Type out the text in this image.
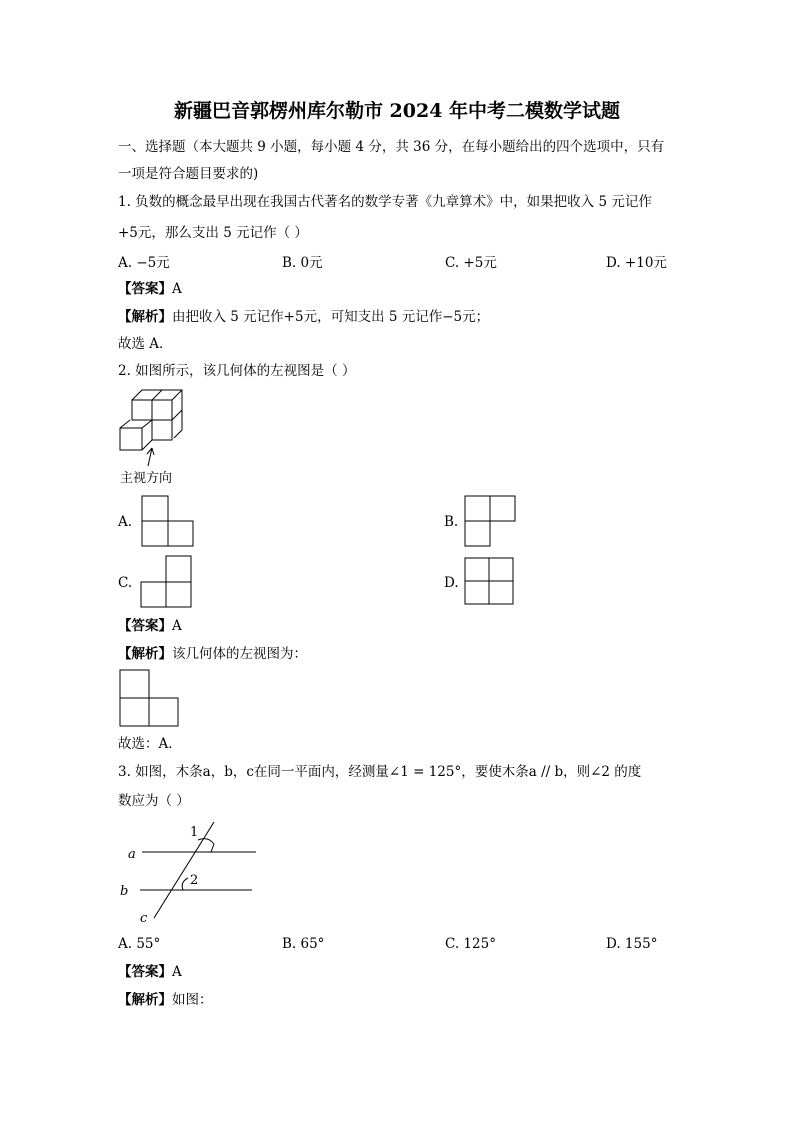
新疆巴音郭楞州库尔勒市 2024 年中考二模数学试题
一、选择题（本大题共 9 小题，每小题 4 分，共 36 分，在每小题给出的四个选项中，只有
一项是符合题目要求的)
1. 负数的概念最早出现在我国古代著名的数学专著《九章算术》中，如果把收入 5 元记作
+5元，那么支出 5 元记作（ ）
A. −5元	B. 0元	C. +5元	D. +10元
【答案】A
【解析】由把收入 5 元记作+5元，可知支出 5 元记作−5元；
故选 A．
2. 如图所示，该几何体的左视图是（ ）
主视方向
A.	B.
C.	D.
【答案】A
【解析】该几何体的左视图为：
故选：A．
3. 如图，木条a，b，c在同一平面内，经测量∠1 = 125°，要使木条a // b，则∠2 的度
数应为（ ）
1
2
a
b
c
A. 55°	B. 65°	C. 125°	D. 155°
【答案】A
【解析】如图：
